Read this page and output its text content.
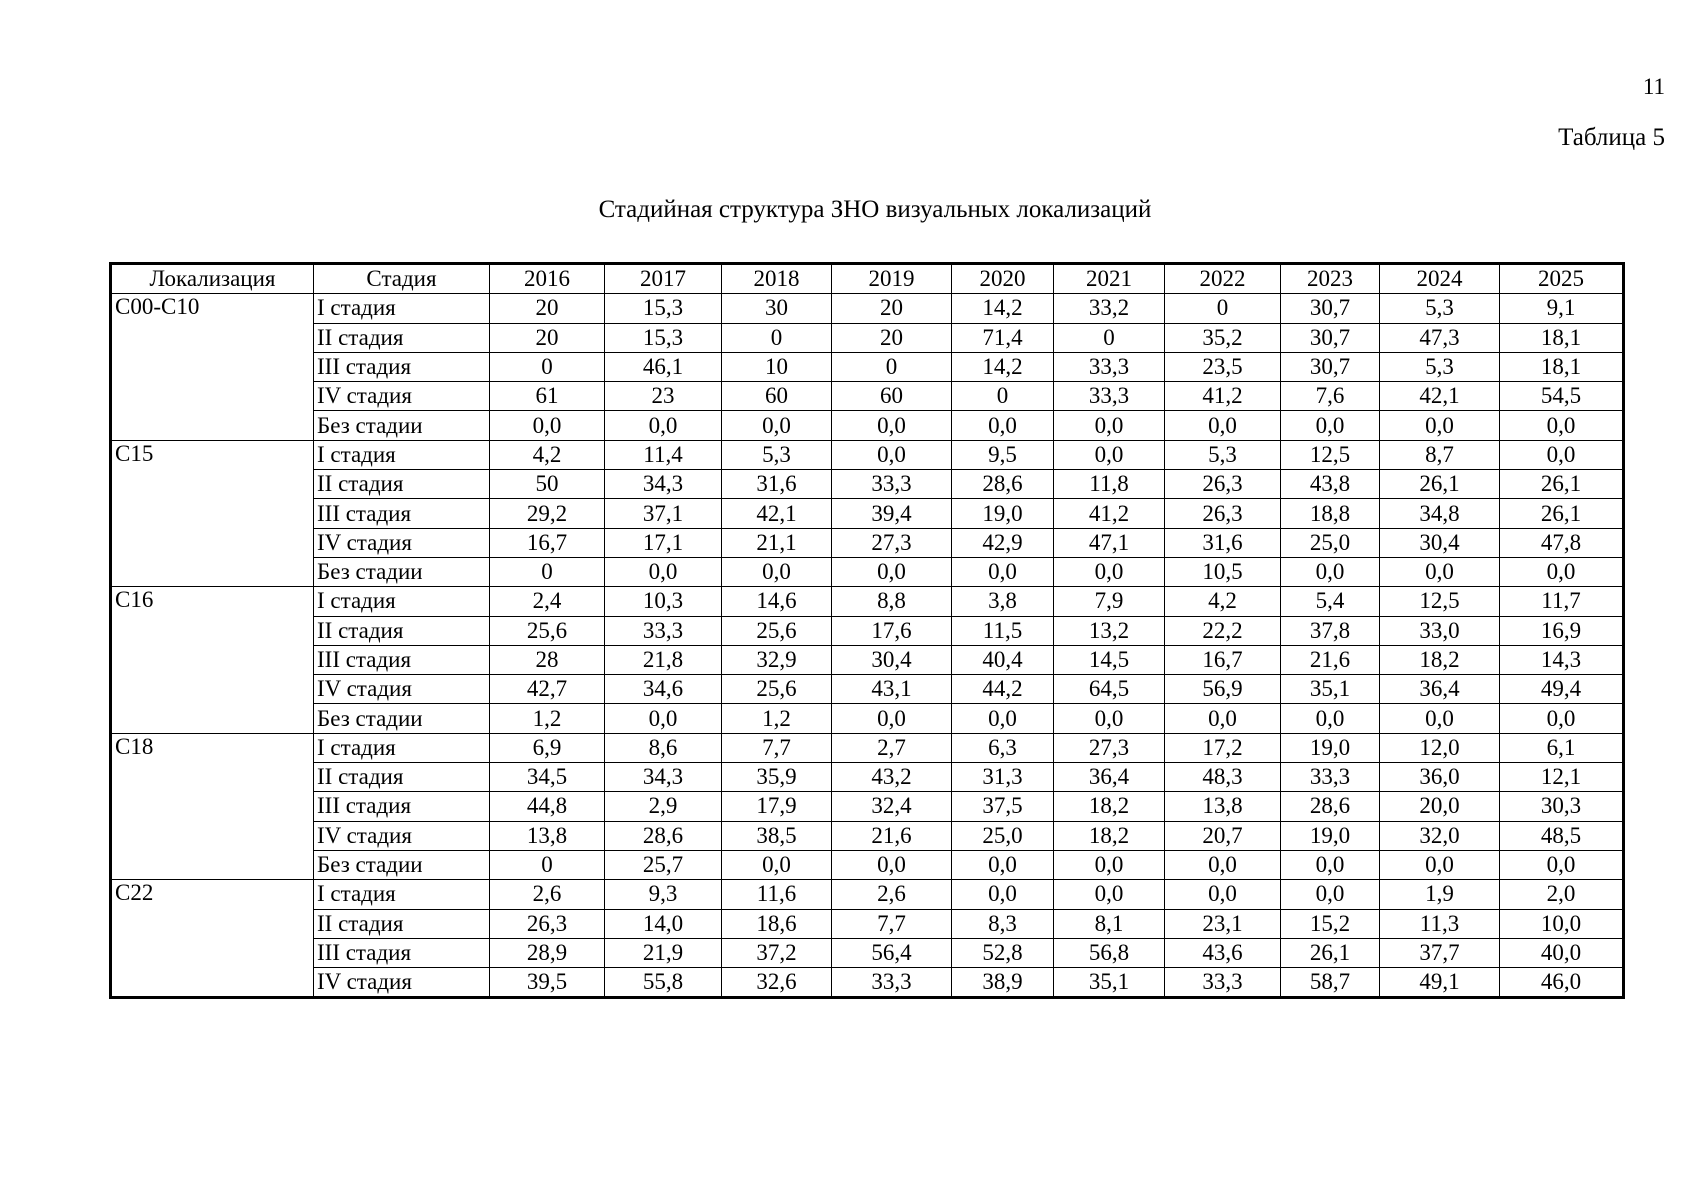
11
Таблица 5
Стадийная структура ЗНО визуальных локализаций
Локализация	Стадия	2016	2017	2018	2019	2020	2021	2022	2023	2024	2025
С00-С10	I стадия	20	15,3	30	20	14,2	33,2	0	30,7	5,3	9,1
	II стадия	20	15,3	0	20	71,4	0	35,2	30,7	47,3	18,1
	III стадия	0	46,1	10	0	14,2	33,3	23,5	30,7	5,3	18,1
	IV стадия	61	23	60	60	0	33,3	41,2	7,6	42,1	54,5
	Без стадии	0,0	0,0	0,0	0,0	0,0	0,0	0,0	0,0	0,0	0,0
С15	I стадия	4,2	11,4	5,3	0,0	9,5	0,0	5,3	12,5	8,7	0,0
	II стадия	50	34,3	31,6	33,3	28,6	11,8	26,3	43,8	26,1	26,1
	III стадия	29,2	37,1	42,1	39,4	19,0	41,2	26,3	18,8	34,8	26,1
	IV стадия	16,7	17,1	21,1	27,3	42,9	47,1	31,6	25,0	30,4	47,8
	Без стадии	0	0,0	0,0	0,0	0,0	0,0	10,5	0,0	0,0	0,0
С16	I стадия	2,4	10,3	14,6	8,8	3,8	7,9	4,2	5,4	12,5	11,7
	II стадия	25,6	33,3	25,6	17,6	11,5	13,2	22,2	37,8	33,0	16,9
	III стадия	28	21,8	32,9	30,4	40,4	14,5	16,7	21,6	18,2	14,3
	IV стадия	42,7	34,6	25,6	43,1	44,2	64,5	56,9	35,1	36,4	49,4
	Без стадии	1,2	0,0	1,2	0,0	0,0	0,0	0,0	0,0	0,0	0,0
С18	I стадия	6,9	8,6	7,7	2,7	6,3	27,3	17,2	19,0	12,0	6,1
	II стадия	34,5	34,3	35,9	43,2	31,3	36,4	48,3	33,3	36,0	12,1
	III стадия	44,8	2,9	17,9	32,4	37,5	18,2	13,8	28,6	20,0	30,3
	IV стадия	13,8	28,6	38,5	21,6	25,0	18,2	20,7	19,0	32,0	48,5
	Без стадии	0	25,7	0,0	0,0	0,0	0,0	0,0	0,0	0,0	0,0
С22	I стадия	2,6	9,3	11,6	2,6	0,0	0,0	0,0	0,0	1,9	2,0
	II стадия	26,3	14,0	18,6	7,7	8,3	8,1	23,1	15,2	11,3	10,0
	III стадия	28,9	21,9	37,2	56,4	52,8	56,8	43,6	26,1	37,7	40,0
	IV стадия	39,5	55,8	32,6	33,3	38,9	35,1	33,3	58,7	49,1	46,0
